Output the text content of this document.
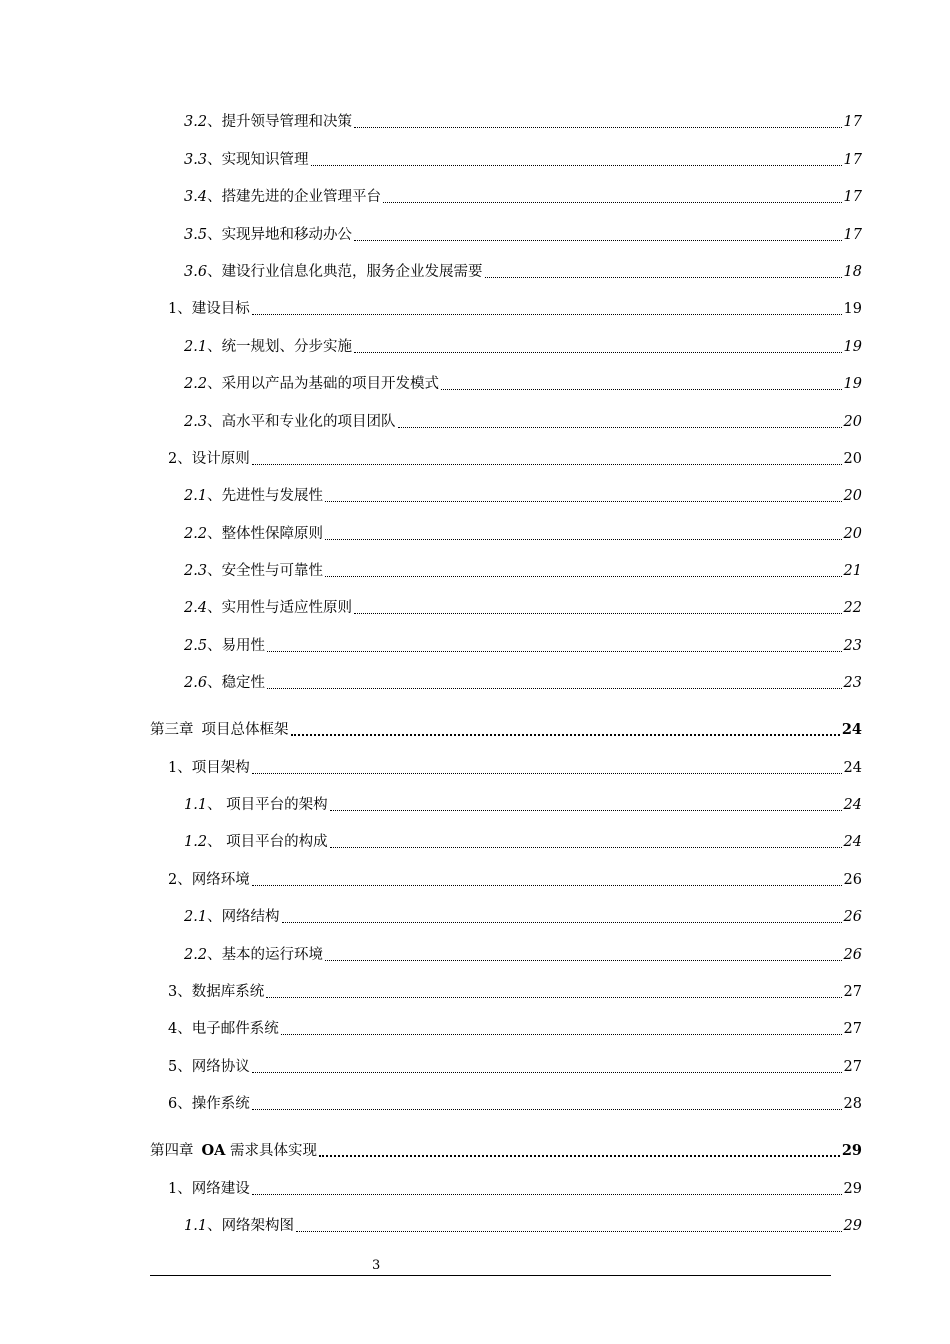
3.2 、 提升领导管理和决策	17
3.3 、 实现知识管理	17
3.4 、 搭建先进的企业管理平台	17
3.5 、 实现异地和移动办公	17
3.6 、 建设行业信息化典范，服务企业发展需要	18
1 、 建设目标	19
2.1 、 统一规划、分步实施	19
2.2 、 采用以产品为基础的项目开发模式	19
2.3 、 高水平和专业化的项目团队	20
2 、 设计原则	20
2.1 、 先进性与发展性	20
2.2 、 整体性保障原则	20
2.3 、 安全性与可靠性	21
2.4 、 实用性与适应性原则	22
2.5 、 易用性	23
2.6 、 稳定性	23
第三章 项目总体框架	24
1 、 项目架构	24
1.1 、 项目平台的架构	24
1.2 、 项目平台的构成	24
2 、 网络环境	26
2.1 、 网络结构	26
2.2 、 基本的运行环境	26
3 、 数据库系统	27
4 、 电子邮件系统	27
5 、 网络协议	27
6 、 操作系统	28
第四章 OA 需求具体实现	29
1 、 网络建设	29
1.1 、 网络架构图	29
3
